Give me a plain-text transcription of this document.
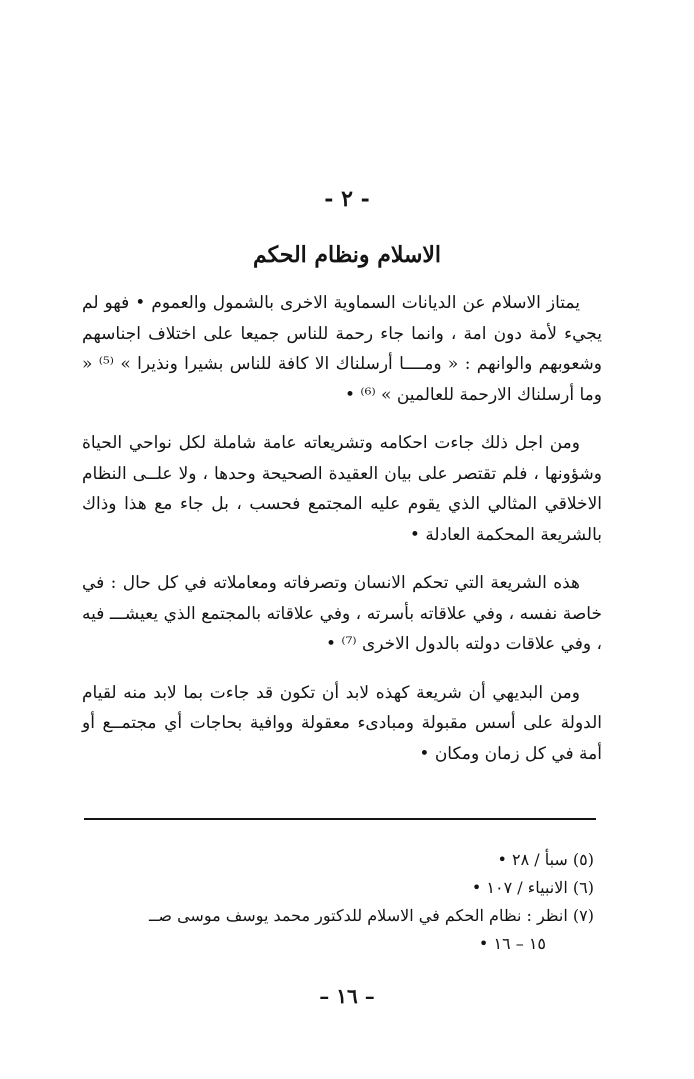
- ٢ -
الاسلام ونظام الحكم

يمتاز الاسلام عن الديانات السماوية الاخرى بالشمول والعموم • فهو لم يجيء لأمة دون امة ، وانما جاء رحمة للناس جميعا على اختلاف اجناسهم وشعوبهم والوانهم : « ومــــا أرسلناك الا كافة للناس بشيرا ونذيرا » ⁽⁵⁾ « وما أرسلناك الارحمة للعالمين » ⁽⁶⁾ •

ومن اجل ذلك جاءت احكامه وتشريعاته عامة شاملة لكل نواحي الحياة وشؤونها ، فلم تقتصر على بيان العقيدة الصحيحة وحدها ، ولا علــى النظام الاخلاقي المثالي الذي يقوم عليه المجتمع فحسب ، بل جاء مع هذا وذاك بالشريعة المحكمة العادلة •

هذه الشريعة التي تحكم الانسان وتصرفاته ومعاملاته في كل حال : في خاصة نفسه ، وفي علاقاته بأسرته ، وفي علاقاته بالمجتمع الذي يعيشـــ فيه ، وفي علاقات دولته بالدول الاخرى ⁽⁷⁾ •

ومن البديهي أن شريعة كهذه لابد أن تكون قد جاءت بما لابد منه لقيام الدولة على أسس مقبولة ومبادىء معقولة ووافية بحاجات أي مجتمــع أو أمة في كل زمان ومكان •

(٥) سبأ / ٢٨ •

(٦) الانبياء / ١٠٧ •

(٧) انظر : نظام الحكم في الاسلام للدكتور محمد يوسف موسى صــ

١٥ – ١٦ •

– ١٦ –
